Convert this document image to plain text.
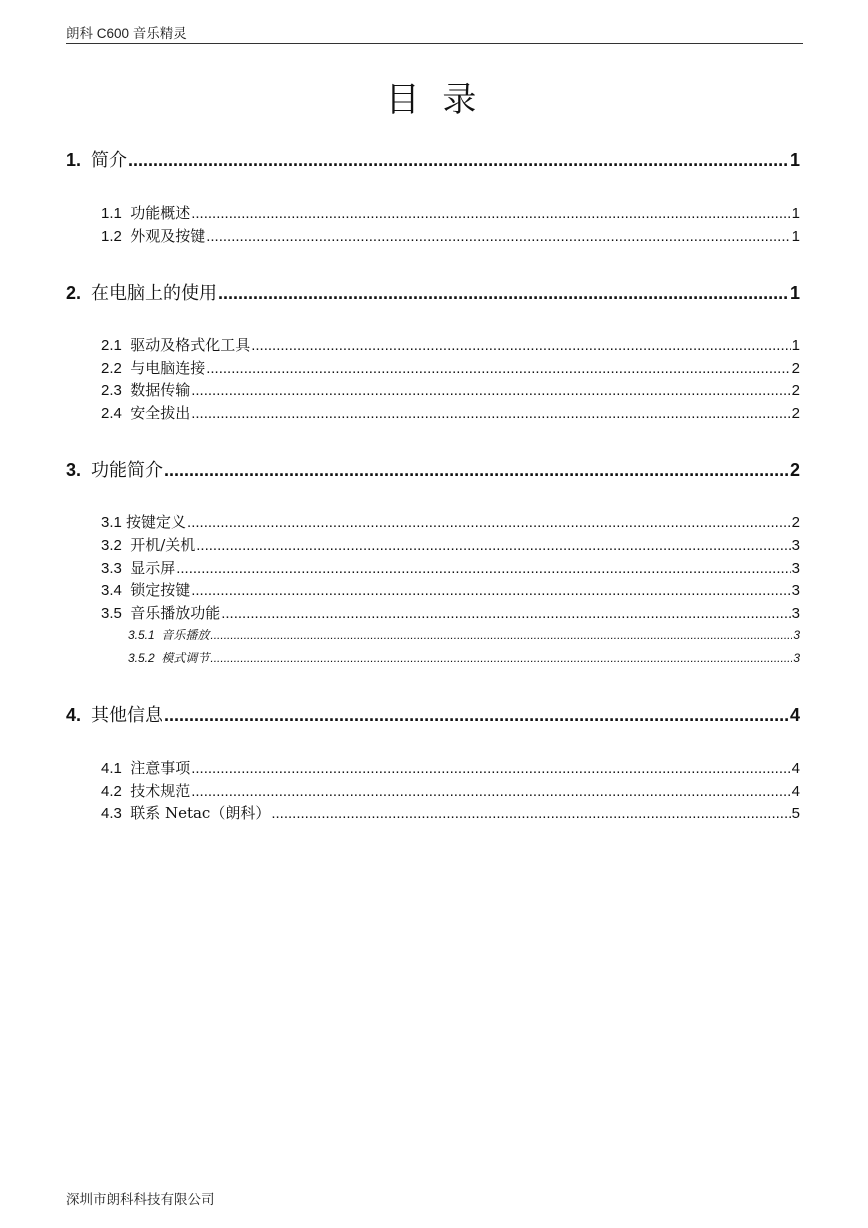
朗科 C600 音乐精灵
目 录
1. 简介 .....	1
1.1 功能概述 .....	1
1.2 外观及按键 .....	1
2. 在电脑上的使用 .....	1
2.1 驱动及格式化工具 .....	1
2.2 与电脑连接 .....	2
2.3 数据传输 .....	2
2.4 安全拔出 .....	2
3. 功能简介 .....	2
3.1 按键定义 .....	2
3.2 开机/关机 .....	3
3.3 显示屏 .....	3
3.4 锁定按键 .....	3
3.5 音乐播放功能 .....	3
3.5.1 音乐播放 .....	3
3.5.2 模式调节 .....	3
4. 其他信息 .....	4
4.1 注意事项 .....	4
4.2 技术规范 .....	4
4.3 联系 Netac（朗科） .....	5
深圳市朗科科技有限公司
